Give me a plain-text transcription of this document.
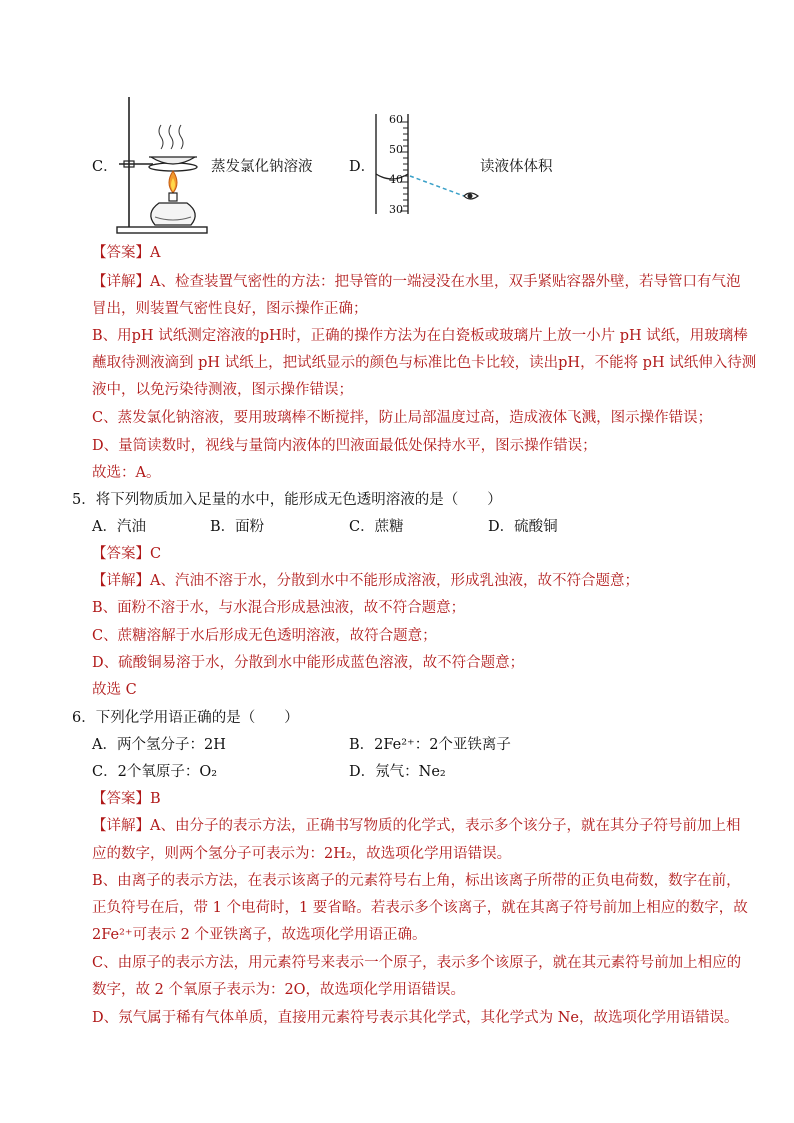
C．	蒸发氯化钠溶液	D．
60
50
40
30
读液体体积
【答案】A
【详解】A、检查装置气密性的方法：把导管的一端浸没在水里，双手紧贴容器外壁，若导管口有气泡
冒出，则装置气密性良好，图示操作正确；
B、用pH 试纸测定溶液的pH时，正确的操作方法为在白瓷板或玻璃片上放一小片 pH 试纸，用玻璃棒
蘸取待测液滴到 pH 试纸上，把试纸显示的颜色与标准比色卡比较，读出pH，不能将 pH 试纸伸入待测
液中，以免污染待测液，图示操作错误；
C、蒸发氯化钠溶液，要用玻璃棒不断搅拌，防止局部温度过高，造成液体飞溅，图示操作错误；
D、量筒读数时，视线与量筒内液体的凹液面最低处保持水平，图示操作错误；
故选：A。
5．将下列物质加入足量的水中，能形成无色透明溶液的是（　　）
A．汽油	B．面粉	C．蔗糖	D．硫酸铜
【答案】C
【详解】A、汽油不溶于水，分散到水中不能形成溶液，形成乳浊液，故不符合题意；
B、面粉不溶于水，与水混合形成悬浊液，故不符合题意；
C、蔗糖溶解于水后形成无色透明溶液，故符合题意；
D、硫酸铜易溶于水，分散到水中能形成蓝色溶液，故不符合题意；
故选 C
6．下列化学用语正确的是（　　）
A．两个氢分子：2H	B．2Fe²⁺：2个亚铁离子
C．2个氧原子：O₂	D．氖气：Ne₂
【答案】B
【详解】A、由分子的表示方法，正确书写物质的化学式，表示多个该分子，就在其分子符号前加上相
应的数字，则两个氢分子可表示为：2H₂，故选项化学用语错误。
B、由离子的表示方法，在表示该离子的元素符号右上角，标出该离子所带的正负电荷数，数字在前，
正负符号在后，带 1 个电荷时，1 要省略。若表示多个该离子，就在其离子符号前加上相应的数字，故
2Fe²⁺可表示 2 个亚铁离子，故选项化学用语正确。
C、由原子的表示方法，用元素符号来表示一个原子，表示多个该原子，就在其元素符号前加上相应的
数字，故 2 个氧原子表示为：2O，故选项化学用语错误。
D、氖气属于稀有气体单质，直接用元素符号表示其化学式，其化学式为 Ne，故选项化学用语错误。
